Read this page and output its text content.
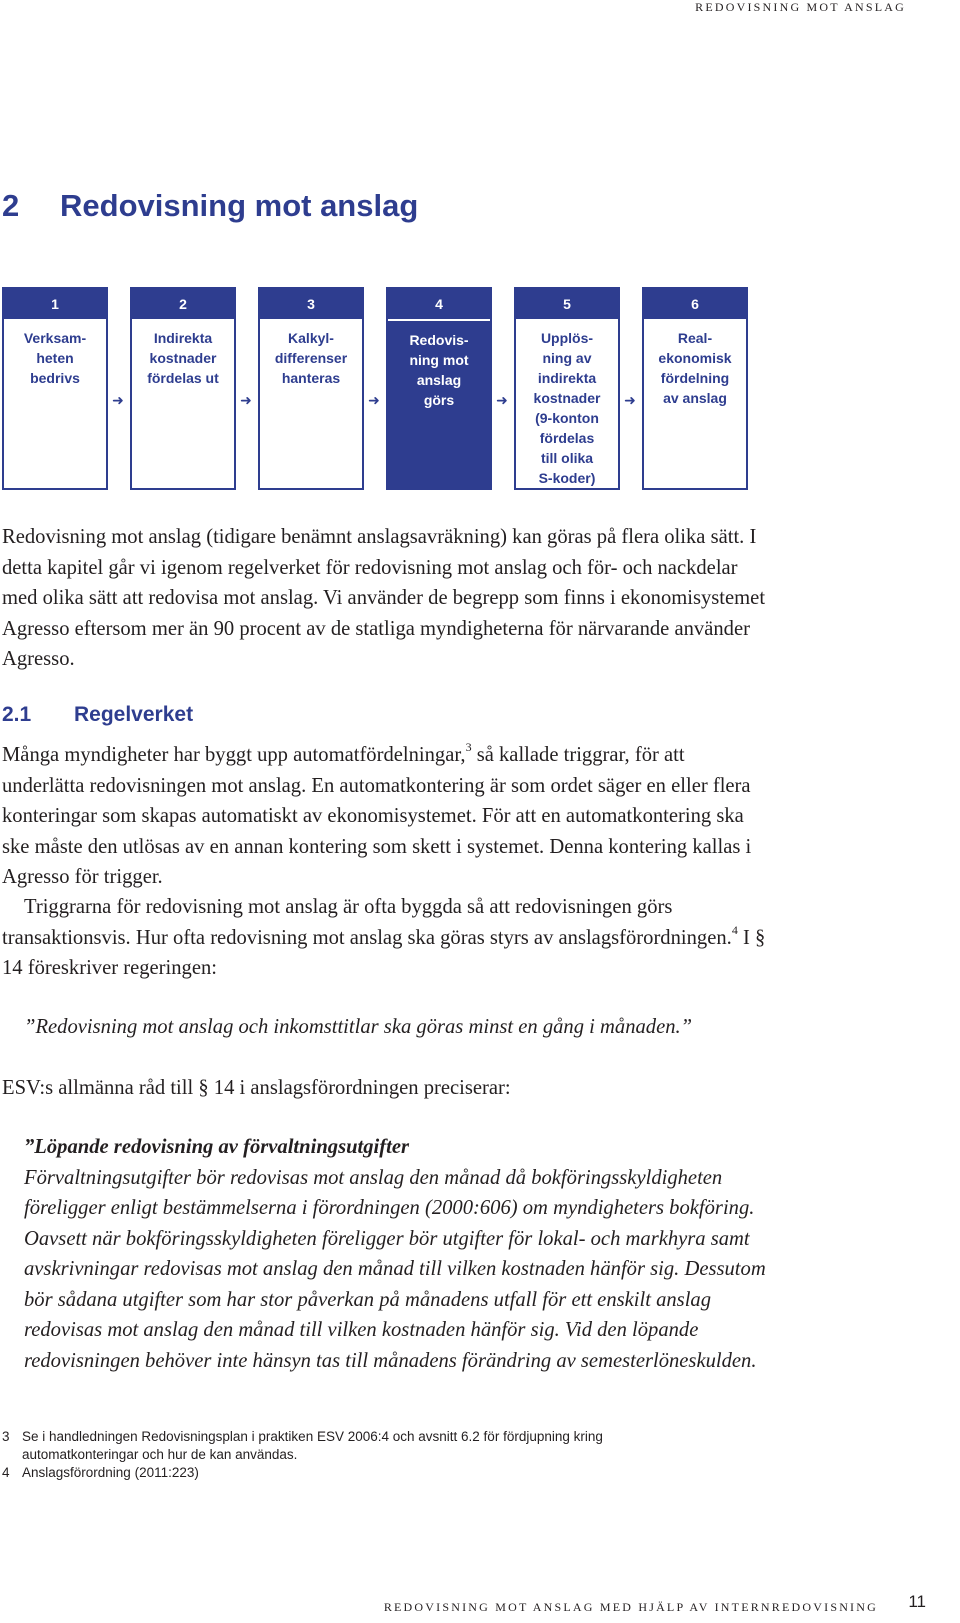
REDOVISNING MOT ANSLAG
2 Redovisning mot anslag
1
Verksam-
heten
bedrivs
➜
2
Indirekta
kostnader
fördelas ut
➜
3
Kalkyl-
differenser
hanteras
➜
4
Redovis-
ning mot
anslag
görs	➜
5
Upplös-
ning av
indirekta
kostnader
(9-konton
fördelas
till olika
S-koder)
➜
6
Real-
ekonomisk
fördelning
av anslag

Redovisning mot anslag (tidigare benämnt anslagsavräkning) kan göras på flera olika sätt. I detta kapitel går vi igenom regelverket för redovisning mot anslag och för- och nackdelar med olika sätt att redovisa mot anslag. Vi använder de begrepp som finns i ekonomisystemet Agresso eftersom mer än 90 procent av de statliga myndigheterna för närvarande använder Agresso.

2.1 Regelverket

Många myndigheter har byggt upp automatfördelningar,$^3$ så kallade triggrar, för att underlätta redovisningen mot anslag. En automatkontering är som ordet säger en eller flera konteringar som skapas automatiskt av ekonomisystemet. För att en automatkontering ska ske måste den utlösas av en annan kontering som skett i systemet. Denna kontering kallas i Agresso för trigger.

Triggrarna för redovisning mot anslag är ofta byggda så att redovisningen görs transaktionsvis. Hur ofta redovisning mot anslag ska göras styrs av anslagsförordningen.$^4$ I § 14 föreskriver regeringen:

”Redovisning mot anslag och inkomsttitlar ska göras minst en gång i månaden.”

ESV:s allmänna råd till § 14 i anslagsförordningen preciserar:

”Löpande redovisning av förvaltningsutgifter
Förvaltningsutgifter bör redovisas mot anslag den månad då bokföringsskyldigheten föreligger enligt bestämmelserna i förordningen (2000:606) om myndigheters bokföring. Oavsett när bokföringsskyldigheten föreligger bör utgifter för lokal- och markhyra samt avskrivningar redovisas mot anslag den månad till vilken kostnaden hänför sig. Dessutom bör sådana utgifter som har stor påverkan på månadens utfall för ett enskilt anslag redovisas mot anslag den månad till vilken kostnaden hänför sig. Vid den löpande redovisningen behöver inte hänsyn tas till månadens förändring av semesterlöneskulden.

3 Se i handledningen Redovisningsplan i praktiken ESV 2006:4 och avsnitt 6.2 för fördjupning kring automatkonteringar och hur de kan användas.
4 Anslagsförordning (2011:223)
REDOVISNING MOT ANSLAG MED HJÄLP AV INTERNREDOVISNING 11
